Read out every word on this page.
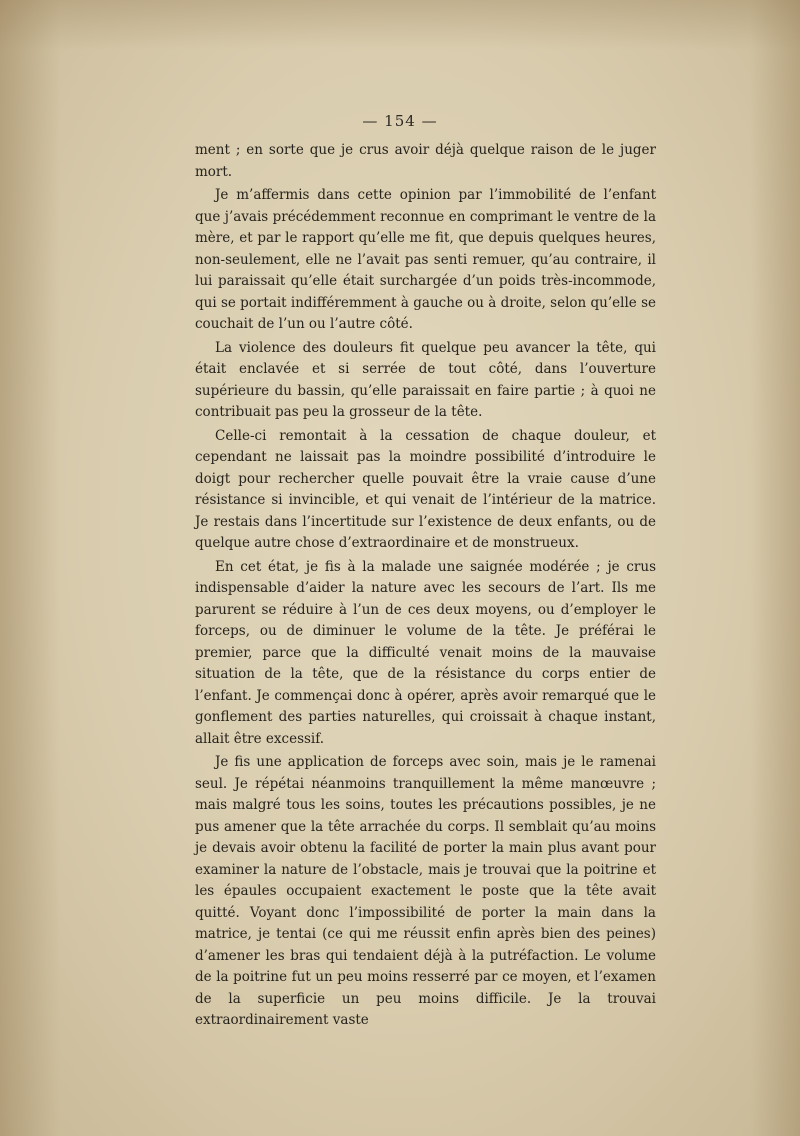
— 154 —

ment ; en sorte que je crus avoir déjà quelque raison de le juger mort.

Je m’affermis dans cette opinion par l’immobilité de l’enfant que j’avais précédemment reconnue en comprimant le ventre de la mère, et par le rapport qu’elle me fit, que depuis quelques heures, non-seulement, elle ne l’avait pas senti remuer, qu’au contraire, il lui paraissait qu’elle était surchargée d’un poids très-incommode, qui se portait indifféremment à gauche ou à droite, selon qu’elle se couchait de l’un ou l’autre côté.

La violence des douleurs fit quelque peu avancer la tête, qui était enclavée et si serrée de tout côté, dans l’ouverture supérieure du bassin, qu’elle paraissait en faire partie ; à quoi ne contribuait pas peu la grosseur de la tête.

Celle-ci remontait à la cessation de chaque douleur, et cependant ne laissait pas la moindre possibilité d’introduire le doigt pour rechercher quelle pouvait être la vraie cause d’une résistance si invincible, et qui venait de l’intérieur de la matrice. Je restais dans l’incertitude sur l’existence de deux enfants, ou de quelque autre chose d’extraordinaire et de monstrueux.

En cet état, je fis à la malade une saignée modérée ; je crus indispensable d’aider la nature avec les secours de l’art. Ils me parurent se réduire à l’un de ces deux moyens, ou d’employer le forceps, ou de diminuer le volume de la tête. Je préférai le premier, parce que la difficulté venait moins de la mauvaise situation de la tête, que de la résistance du corps entier de l’enfant. Je commençai donc à opérer, après avoir remarqué que le gonflement des parties naturelles, qui croissait à chaque instant, allait être excessif.

Je fis une application de forceps avec soin, mais je le ramenai seul. Je répétai néanmoins tranquillement la même manœuvre ; mais malgré tous les soins, toutes les précautions possibles, je ne pus amener que la tête arrachée du corps. Il semblait qu’au moins je devais avoir obtenu la facilité de porter la main plus avant pour examiner la nature de l’obstacle, mais je trouvai que la poitrine et les épaules occupaient exactement le poste que la tête avait quitté. Voyant donc l’impossibilité de porter la main dans la matrice, je tentai (ce qui me réussit enfin après bien des peines) d’amener les bras qui tendaient déjà à la putréfaction. Le volume de la poitrine fut un peu moins resserré par ce moyen, et l’examen de la superficie un peu moins difficile. Je la trouvai extraordinairement vaste
